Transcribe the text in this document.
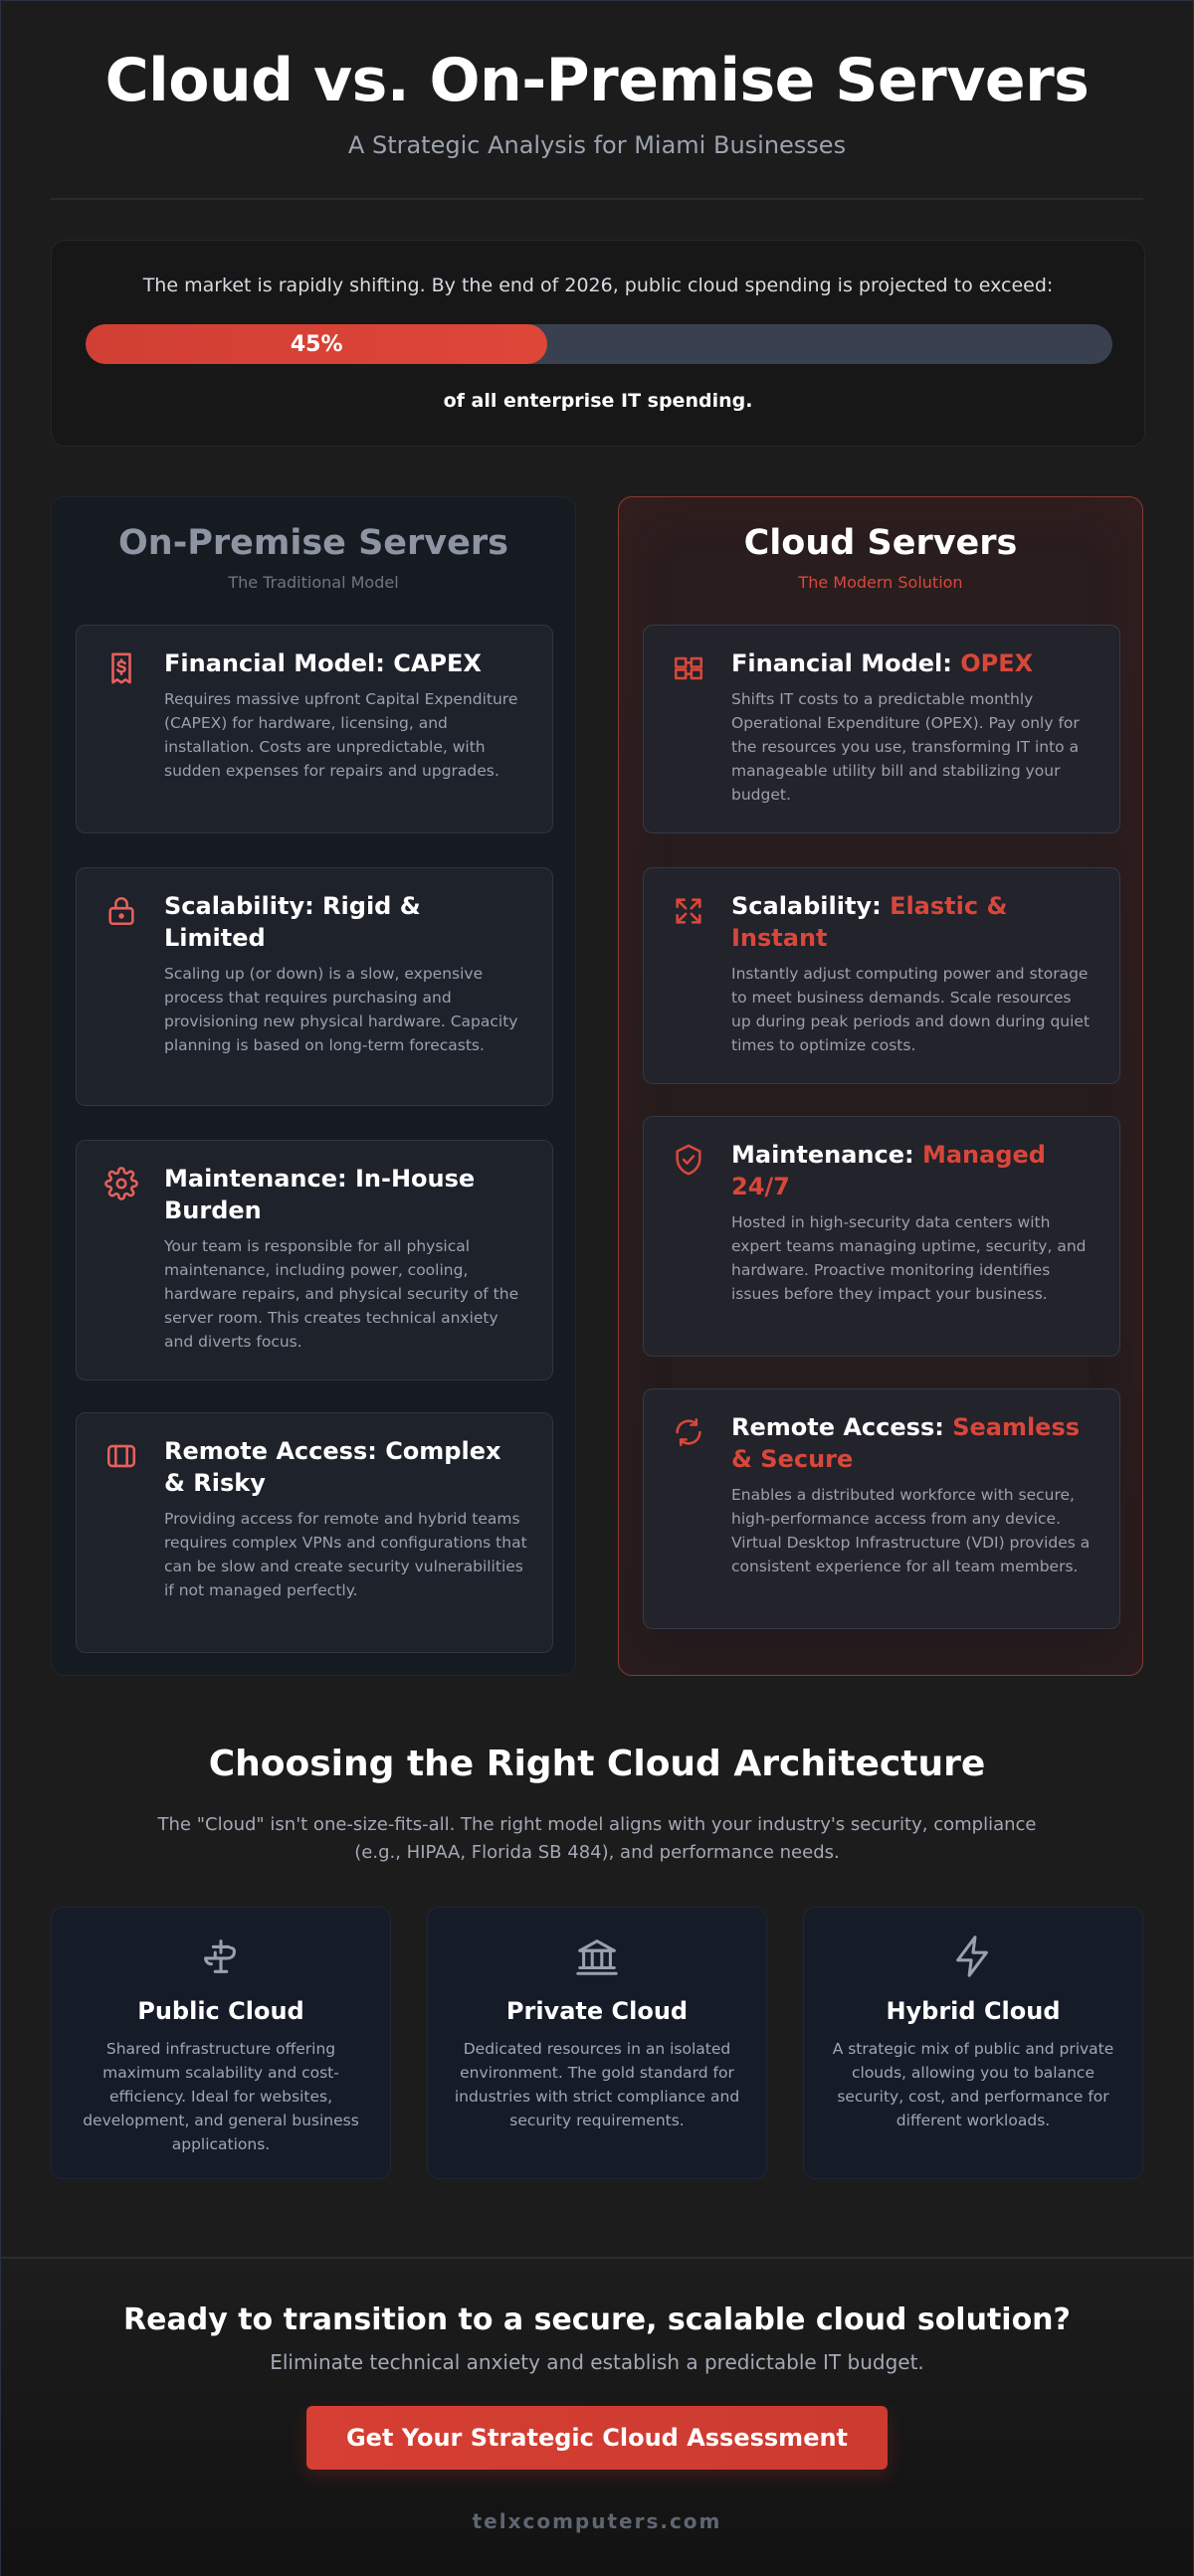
Cloud vs. On-Premise Servers
A Strategic Analysis for Miami Businesses
The market is rapidly shifting. By the end of 2026, public cloud spending is projected to exceed:
45%
of all enterprise IT spending.
On-Premise Servers
The Traditional Model
Financial Model: CAPEX
Requires massive upfront Capital Expenditure (CAPEX) for hardware, licensing, and installation. Costs are unpredictable, with sudden expenses for repairs and upgrades.
Scalability: Rigid & Limited
Scaling up (or down) is a slow, expensive process that requires purchasing and provisioning new physical hardware. Capacity planning is based on long-term forecasts.
Maintenance: In-House Burden
Your team is responsible for all physical maintenance, including power, cooling, hardware repairs, and physical security of the server room. This creates technical anxiety and diverts focus.
Remote Access: Complex & Risky
Providing access for remote and hybrid teams requires complex VPNs and configurations that can be slow and create security vulnerabilities if not managed perfectly.
Cloud Servers
The Modern Solution
Financial Model: OPEX
Shifts IT costs to a predictable monthly Operational Expenditure (OPEX). Pay only for the resources you use, transforming IT into a manageable utility bill and stabilizing your budget.
Scalability: Elastic & Instant
Instantly adjust computing power and storage to meet business demands. Scale resources up during peak periods and down during quiet times to optimize costs.
Maintenance: Managed 24/7
Hosted in high-security data centers with expert teams managing uptime, security, and hardware. Proactive monitoring identifies issues before they impact your business.
Remote Access: Seamless & Secure
Enables a distributed workforce with secure, high-performance access from any device. Virtual Desktop Infrastructure (VDI) provides a consistent experience for all team members.
Choosing the Right Cloud Architecture
The "Cloud" isn't one-size-fits-all. The right model aligns with your industry's security, compliance (e.g., HIPAA, Florida SB 484), and performance needs.
Public Cloud
Shared infrastructure offering maximum scalability and cost-efficiency. Ideal for websites, development, and general business applications.
Private Cloud
Dedicated resources in an isolated environment. The gold standard for industries with strict compliance and security requirements.
Hybrid Cloud
A strategic mix of public and private clouds, allowing you to balance security, cost, and performance for different workloads.
Ready to transition to a secure, scalable cloud solution?
Eliminate technical anxiety and establish a predictable IT budget.
Get Your Strategic Cloud Assessment
telxcomputers.com
